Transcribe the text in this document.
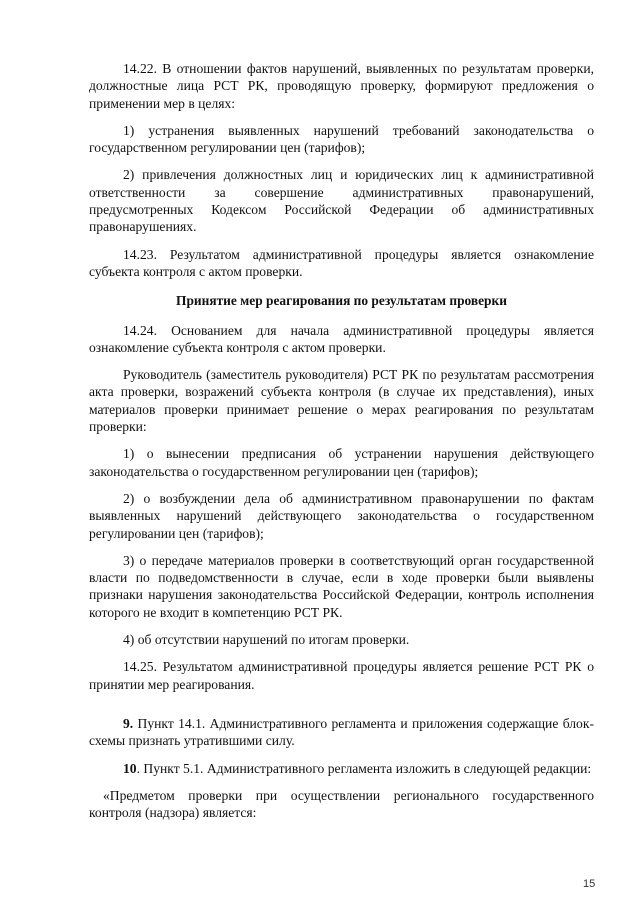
14.22. В отношении фактов нарушений, выявленных по результатам проверки, должностные лица РСТ РК, проводящую проверку, формируют предложения о применении мер в целях:

1) устранения выявленных нарушений требований законодательства о государственном регулировании цен (тарифов);

2) привлечения должностных лиц и юридических лиц к административной ответственности за совершение административных правонарушений, предусмотренных Кодексом Российской Федерации об административных правонарушениях.

14.23. Результатом административной процедуры является ознакомление субъекта контроля с актом проверки.

Принятие мер реагирования по результатам проверки

14.24. Основанием для начала административной процедуры является ознакомление субъекта контроля с актом проверки.

Руководитель (заместитель руководителя) РСТ РК по результатам рассмотрения акта проверки, возражений субъекта контроля (в случае их представления), иных материалов проверки принимает решение о мерах реагирования по результатам проверки:

1) о вынесении предписания об устранении нарушения действующего законодательства о государственном регулировании цен (тарифов);

2) о возбуждении дела об административном правонарушении по фактам выявленных нарушений действующего законодательства о государственном регулировании цен (тарифов);

3) о передаче материалов проверки в соответствующий орган государственной власти по подведомственности в случае, если в ходе проверки были выявлены признаки нарушения законодательства Российской Федерации, контроль исполнения которого не входит в компетенцию РСТ РК.

4) об отсутствии нарушений по итогам проверки.

14.25. Результатом административной процедуры является решение РСТ РК о принятии мер реагирования.

9. Пункт 14.1. Административного регламента и приложения содержащие блок-схемы признать утратившими силу.

10. Пункт 5.1. Административного регламента изложить в следующей редакции:

«Предметом проверки при осуществлении регионального государственного контроля (надзора) является:

15
